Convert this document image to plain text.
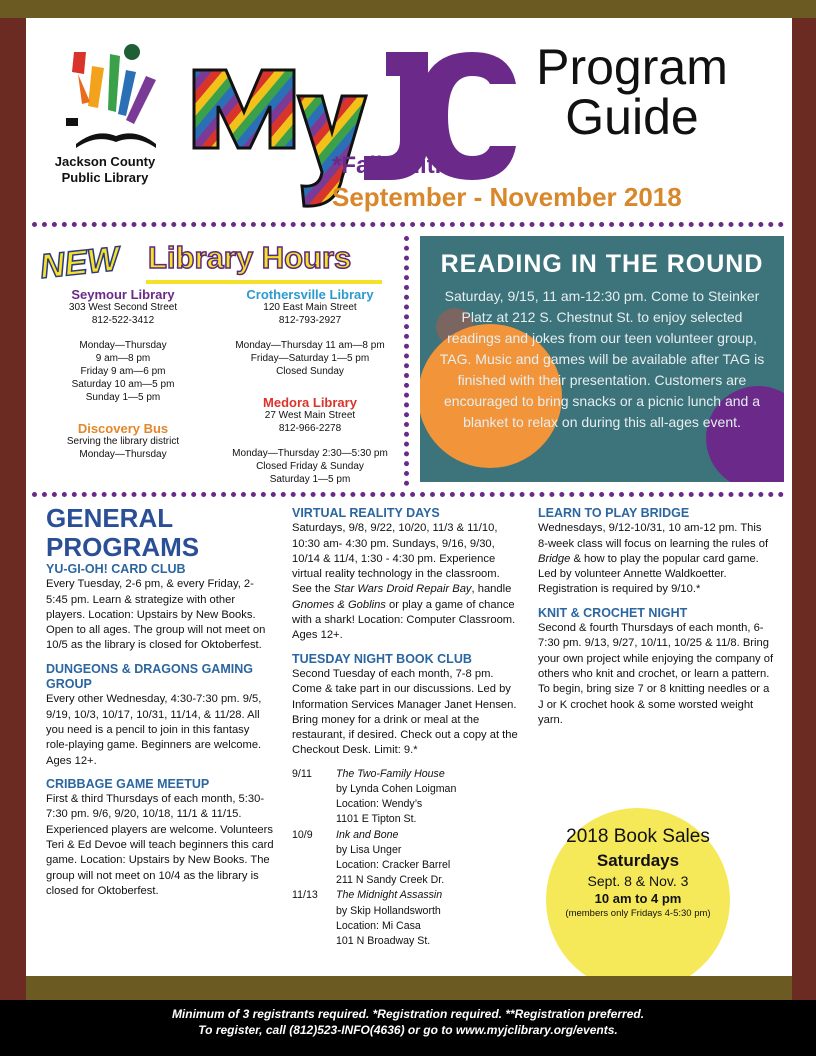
Jackson County
Public Library
MyJC
Program
Guide
*Fall Edition*
September - November 2018
NEW Library Hours
Seymour Library
303 West Second Street
812-522-3412
Monday—Thursday
9 am—8 pm
Friday 9 am—6 pm
Saturday 10 am—5 pm
Sunday 1—5 pm
Discovery Bus
Serving the library district
Monday—Thursday
Crothersville Library
120 East Main Street
812-793-2927
Monday—Thursday 11 am—8 pm
Friday—Saturday 1—5 pm
Closed Sunday
Medora Library
27 West Main Street
812-966-2278
Monday—Thursday 2:30—5:30 pm
Closed Friday & Sunday
Saturday 1—5 pm
READING IN THE ROUND
Saturday, 9/15, 11 am-12:30 pm. Come to Steinker Platz at 212 S. Chestnut St. to enjoy selected readings and jokes from our teen volunteer group, TAG. Music and games will be available after TAG is finished with their presentation. Customers are encouraged to bring snacks or a picnic lunch and a blanket to relax on during this all-ages event.
GENERAL
PROGRAMS
YU-GI-OH! CARD CLUB
Every Tuesday, 2-6 pm, & every Friday, 2-5:45 pm. Learn & strategize with other players. Location: Upstairs by New Books. Open to all ages. The group will not meet on 10/5 as the library is closed for Oktoberfest.
DUNGEONS & DRAGONS GAMING GROUP
Every other Wednesday, 4:30-7:30 pm. 9/5, 9/19, 10/3, 10/17, 10/31, 11/14, & 11/28. All you need is a pencil to join in this fantasy role-playing game. Beginners are welcome. Ages 12+.
CRIBBAGE GAME MEETUP
First & third Thursdays of each month, 5:30-7:30 pm. 9/6, 9/20, 10/18, 11/1 & 11/15. Experienced players are welcome. Volunteers Teri & Ed Devoe will teach beginners this card game. Location: Upstairs by New Books. The group will not meet on 10/4 as the library is closed for Oktoberfest.
VIRTUAL REALITY DAYS
Saturdays, 9/8, 9/22, 10/20, 11/3 & 11/10, 10:30 am- 4:30 pm. Sundays, 9/16, 9/30, 10/14 & 11/4, 1:30 - 4:30 pm. Experience virtual reality technology in the classroom. See the Star Wars Droid Repair Bay, handle Gnomes & Goblins or play a game of chance with a shark! Location: Computer Classroom. Ages 12+.
TUESDAY NIGHT BOOK CLUB
Second Tuesday of each month, 7-8 pm. Come & take part in our discussions. Led by Information Services Manager Janet Hensen. Bring money for a drink or meal at the restaurant, if desired. Check out a copy at the Checkout Desk. Limit: 9.*
9/11	The Two-Family House
by Lynda Cohen Loigman
Location: Wendy’s
1101 E Tipton St.
10/9	Ink and Bone
by Lisa Unger
Location: Cracker Barrel
211 N Sandy Creek Dr.
11/13	The Midnight Assassin
by Skip Hollandsworth
Location: Mi Casa
101 N Broadway St.
LEARN TO PLAY BRIDGE
Wednesdays, 9/12-10/31, 10 am-12 pm. This 8-week class will focus on learning the rules of Bridge & how to play the popular card game. Led by volunteer Annette Waldkoetter. Registration is required by 9/10.*
KNIT & CROCHET NIGHT
Second & fourth Thursdays of each month, 6-7:30 pm. 9/13, 9/27, 10/11, 10/25 & 11/8. Bring your own project while enjoying the company of others who knit and crochet, or learn a pattern. To begin, bring size 7 or 8 knitting needles or a J or K crochet hook & some worsted weight yarn.
2018 Book Sales
Saturdays
Sept. 8 & Nov. 3
10 am to 4 pm
(members only Fridays 4-5:30 pm)
Minimum of 3 registrants required. *Registration required. **Registration preferred.
To register, call (812)523-INFO(4636) or go to www.myjclibrary.org/events.
